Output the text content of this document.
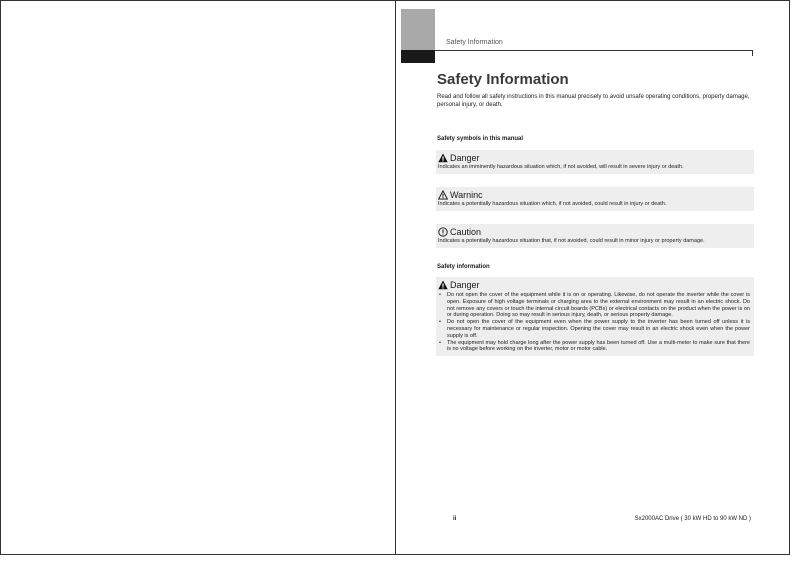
Safety Information
Safety Information
Read and follow all safety instructions in this manual precisely to avoid unsafe operating conditions, property damage, personal injury, or death.
Safety symbols in this manual
Danger
Indicates an imminently hazardous situation which, if not avoided, will result in severe injury or death.
Warninc
Indicates a potentially hazardous situation which, if not avoided, could result in injury or death.
Caution
Indicates a potentially hazardous situation that, if not avoided, could result in minor injury or property damage.
Safety information
Danger
• Do not open the cover of the equipment while it is on or operating. Likewise, do not operate the inverter while the cover is open. Exposure of high voltage terminals or charging area to the external environment may result in an electric shock. Do not remove any covers or touch the internal circuit boards (PCBs) or electrical contacts on the product when the power is on or during operation. Doing so may result in serious injury, death, or serious property damage.
• Do not open the cover of the equipment even when the power supply to the inverter has been turned off unless it is necessary for maintenance or regular inspection. Opening the cover may result in an electric shock even when the power supply is off.
• The equipment may hold charge long after the power supply has been turned off. Use a multi-meter to make sure that there is no voltage before working on the inverter, motor or motor cable.
ii	Sx2000AC Drive ( 30 kW HD to 90 kW ND )
